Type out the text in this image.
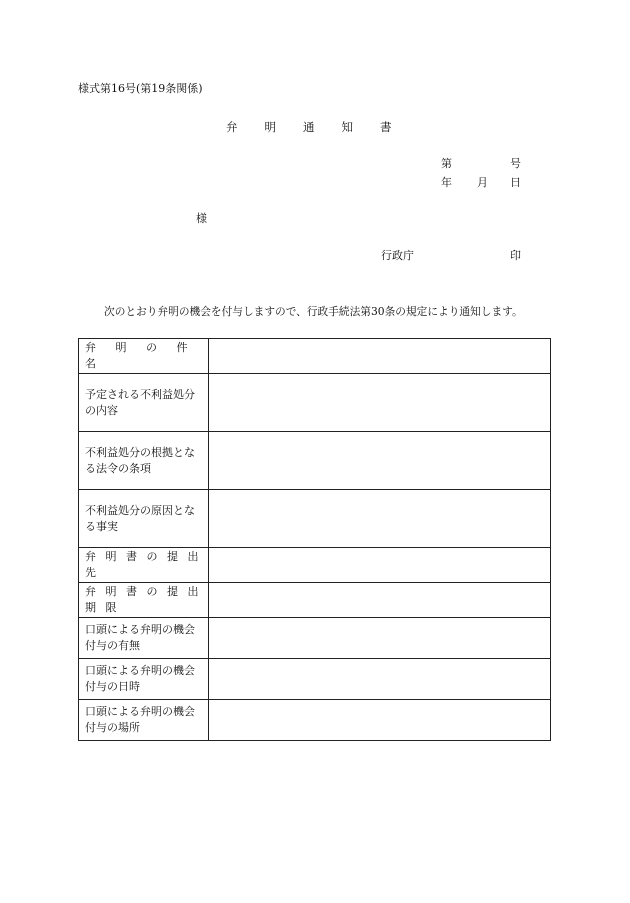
様式第16号(第19条関係)
弁 明 通 知 書
第	号
年 月 日
様
行政庁	印
次のとおり弁明の機会を付与しますので、行政手続法第30条の規定により通知します。
弁 明 の 件 名	
予定される不利益処分の内容	
不利益処分の根拠となる法令の条項	
不利益処分の原因となる事実	
弁 明 書 の 提 出 先	
弁 明 書 の 提 出 期 限	
口頭による弁明の機会付与の有無	
口頭による弁明の機会付与の日時	
口頭による弁明の機会付与の場所	
